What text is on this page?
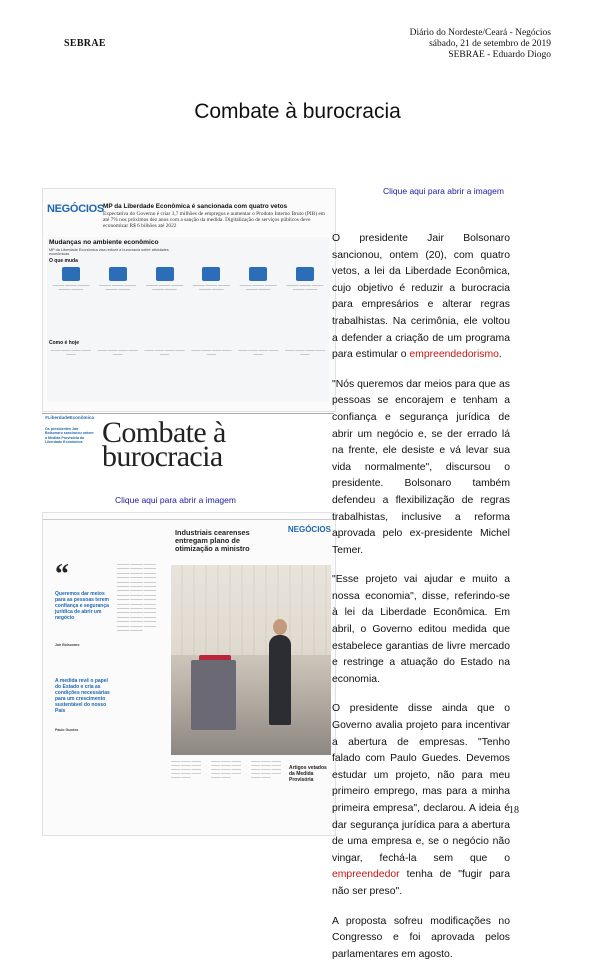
SEBRAE
Diário do Nordeste/Ceará - Negócios
sábado, 21 de setembro de 2019
SEBRAE - Eduardo Diogo
Combate à burocracia
Clique aqui para abrir a imagem
NEGÓCIOS MP da Liberdade Econômica é sancionada com quatro vetos
Expectativa do Governo é criar 3,7 milhões de empregos e aumentar o Produto Interno Bruto (PIB) em até 7% nos próximos dez anos com a sanção da medida. Digitalização de serviços públicos deve economizar R$ 6 bilhões até 2022
Mudanças no ambiente econômico
MP da Liberdade Econômica visa reduzir a burocracia sobre atividades econômicas
O que muda
───── ───── ───── ───── ─────
───── ───── ───── ───── ─────
───── ───── ───── ───── ─────
───── ───── ───── ───── ─────
───── ───── ───── ───── ─────
───── ───── ───── ───── ─────
Como é hoje
──── ──── ──── ──── ────
──── ──── ──── ──── ────
──── ──── ──── ──── ────
──── ──── ──── ──── ────
──── ──── ──── ──── ────
──── ──── ──── ──── ────
#LiberdadeEconômica
Os presidentes Jair Bolsonaro sancionou ontem a Medida Provisória da Liberdade Econômica Combate à burocracia
Clique aqui para abrir a imagem
NEGÓCIOS
“
Queremos dar meios para as pessoas terem confiança e segurança jurídica de abrir um negócio
Jair Bolsonaro
A medida revê o papel do Estado e cria as condições necessárias para um crescimento sustentável do nosso País
Paulo Guedes
───── ───── ───── ───── ───── ───── ───── ───── ───── ───── ───── ───── ───── ───── ───── ───── ───── ───── ───── ───── ───── ───── ───── ───── ───── ───── ───── ───── ───── ───── ───── ───── ───── ───── ───── ───── ───── ───── ───── ───── ───── ───── ───── ───── ───── ───── ─────
Industriais cearenses entregam plano de otimização a ministro
──── ──── ──── ──── ──── ──── ──── ──── ──── ──── ──── ──── ──── ────
──── ──── ──── ──── ──── ──── ──── ──── ──── ──── ──── ──── ──── ────
──── ──── ──── ──── ──── ──── ──── ──── ──── ──── ──── ──── ──── ────
Artigos vetados da Medida Provisória

O presidente Jair Bolsonaro sancionou, ontem (20), com quatro vetos, a lei da Liberdade Econômica, cujo objetivo é reduzir a burocracia para empresários e alterar regras trabalhistas. Na cerimônia, ele voltou a defender a criação de um programa para estimular o empreendedorismo.

"Nós queremos dar meios para que as pessoas se encorajem e tenham a confiança e segurança jurídica de abrir um negócio e, se der errado lá na frente, ele desiste e vá levar sua vida normalmente", discursou o presidente. Bolsonaro também defendeu a flexibilização de regras trabalhistas, inclusive a reforma aprovada pelo ex-presidente Michel Temer.

"Esse projeto vai ajudar e muito a nossa economia", disse, referindo-se à lei da Liberdade Econômica. Em abril, o Governo editou medida que estabelece garantias de livre mercado e restringe a atuação do Estado na economia.

O presidente disse ainda que o Governo avalia projeto para incentivar a abertura de empresas. "Tenho falado com Paulo Guedes. Devemos estudar um projeto, não para meu primeiro emprego, mas para a minha primeira empresa", declarou. A ideia é dar segurança jurídica para a abertura de uma empresa e, se o negócio não vingar, fechá-la sem que o empreendedor tenha de "fugir para não ser preso".

A proposta sofreu modificações no Congresso e foi aprovada pelos parlamentares em agosto.

18
